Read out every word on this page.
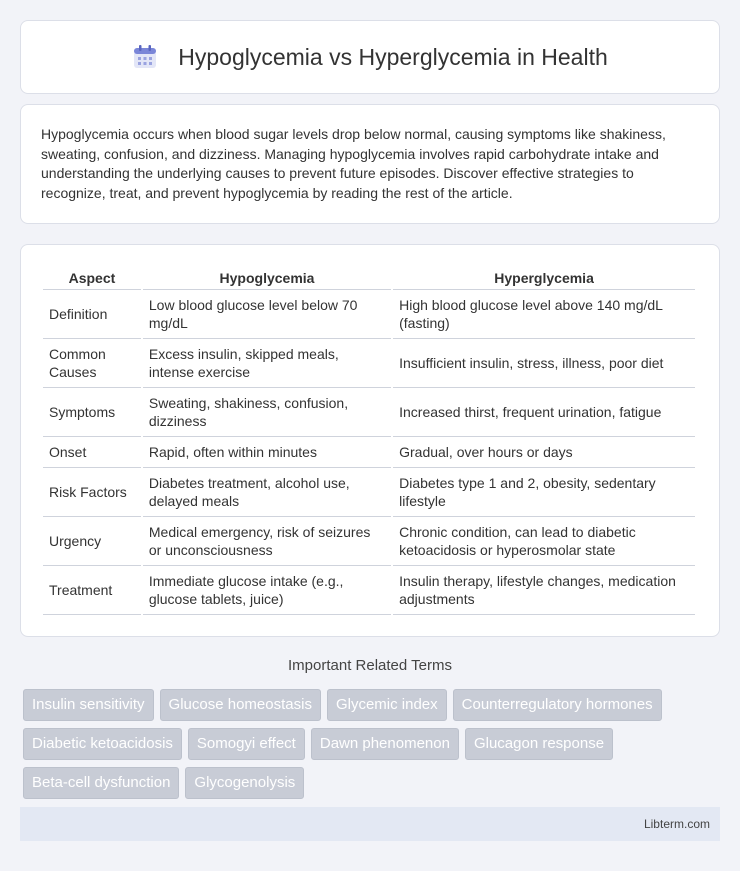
Hypoglycemia vs Hyperglycemia in Health

Hypoglycemia occurs when blood sugar levels drop below normal, causing symptoms like shakiness, sweating, confusion, and dizziness. Managing hypoglycemia involves rapid carbohydrate intake and understanding the underlying causes to prevent future episodes. Discover effective strategies to recognize, treat, and prevent hypoglycemia by reading the rest of the article.

Aspect	Hypoglycemia	Hyperglycemia
Definition	Low blood glucose level below 70 mg/dL	High blood glucose level above 140 mg/dL (fasting)
Common Causes	Excess insulin, skipped meals, intense exercise	Insufficient insulin, stress, illness, poor diet
Symptoms	Sweating, shakiness, confusion, dizziness	Increased thirst, frequent urination, fatigue
Onset	Rapid, often within minutes	Gradual, over hours or days
Risk Factors	Diabetes treatment, alcohol use, delayed meals	Diabetes type 1 and 2, obesity, sedentary lifestyle
Urgency	Medical emergency, risk of seizures or unconsciousness	Chronic condition, can lead to diabetic ketoacidosis or hyperosmolar state
Treatment	Immediate glucose intake (e.g., glucose tablets, juice)	Insulin therapy, lifestyle changes, medication adjustments
Important Related Terms
Insulin sensitivity	Glucose homeostasis	Glycemic index	Counterregulatory hormones
Diabetic ketoacidosis	Somogyi effect	Dawn phenomenon	Glucagon response
Beta-cell dysfunction	Glycogenolysis
Libterm.com
